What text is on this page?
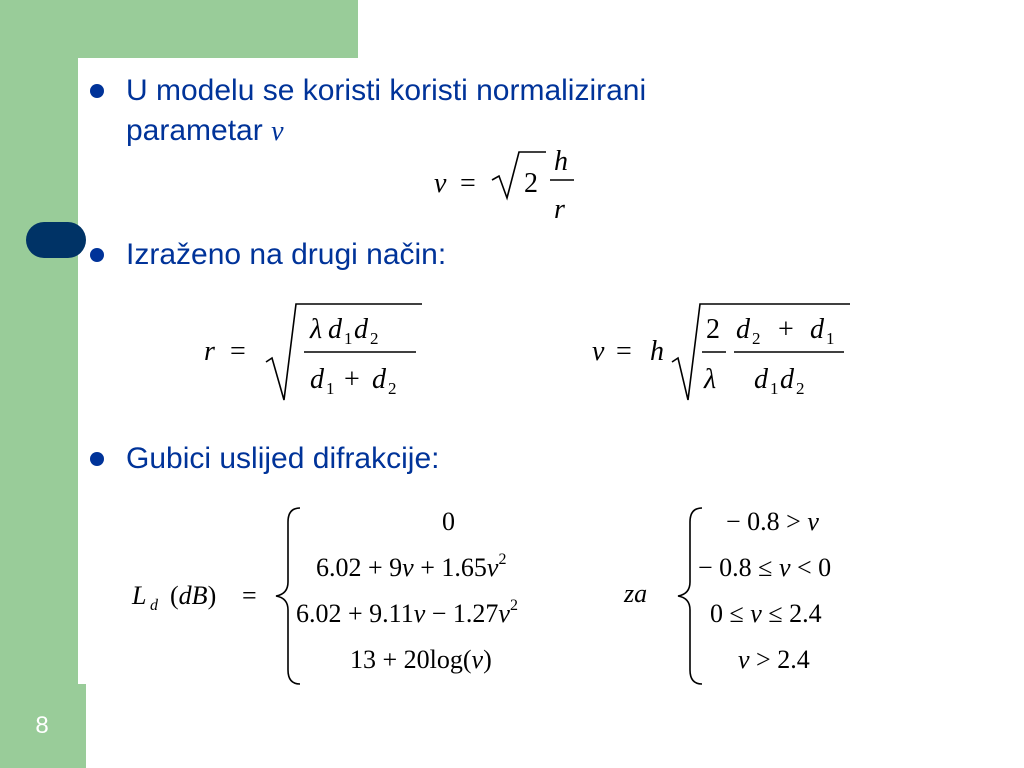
8
U modelu se koristi koristi normalizirani
parametar v
v = 2
h
r
Izraženo na drugi način:
r =
λ d 1 d 2
d 1 + d 2
v = h
2
λ
d 2 + d 1
d 1 d 2
Gubici uslijed difrakcije:
L d (dB) =
0
$6.02 + 9v + 1.65v^2$
$6.02 + 9.11v - 1.27v^2$
13 + 20log(v)
za
− 0.8 > v
− 0.8 ≤ v < 0
0 ≤ v ≤ 2.4
v > 2.4
